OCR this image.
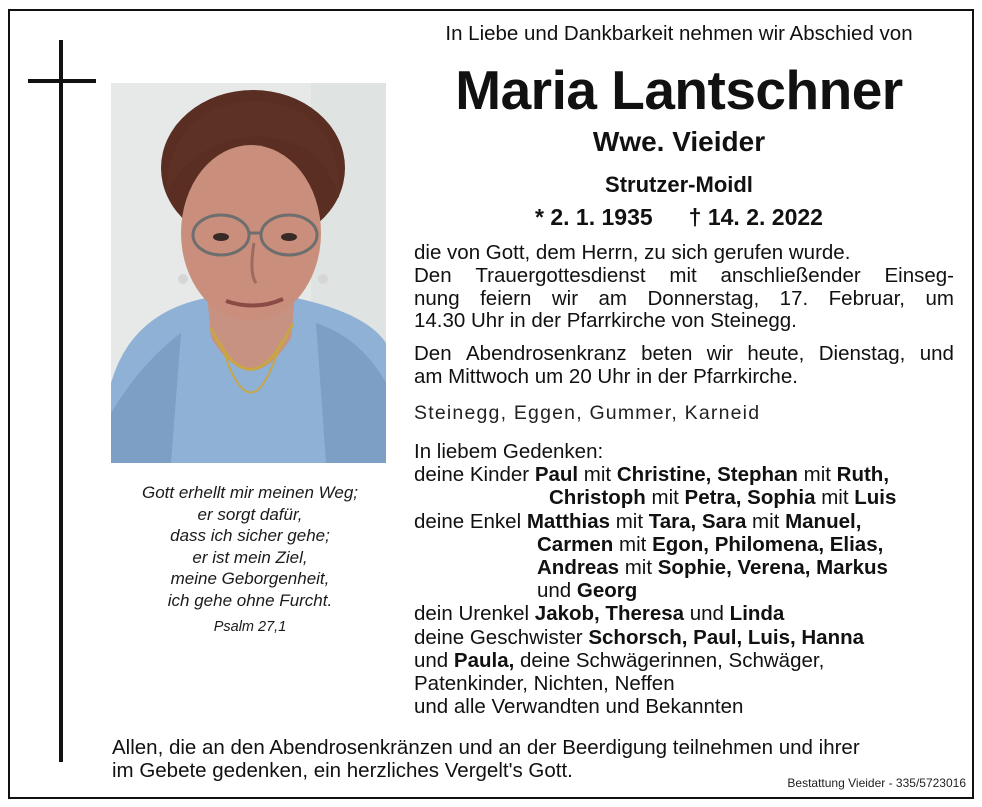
Gott erhellt mir meinen Weg;
er sorgt dafür,
dass ich sicher gehe;
er ist mein Ziel,
meine Geborgenheit,
ich gehe ohne Furcht.
Psalm 27,1
In Liebe und Dankbarkeit nehmen wir Abschied von
Maria Lantschner
Wwe. Vieider
Strutzer-Moidl
* 2. 1. 1935 † 14. 2. 2022
die von Gott, dem Herrn, zu sich gerufen wurde.
Den Trauergottesdienst mit anschließender Einseg-
nung feiern wir am Donnerstag, 17. Februar, um
14.30 Uhr in der Pfarrkirche von Steinegg.
Den Abendrosenkranz beten wir heute, Dienstag, und
am Mittwoch um 20 Uhr in der Pfarrkirche.
Steinegg, Eggen, Gummer, Karneid
In liebem Gedenken:
deine Kinder Paul mit Christine, Stephan mit Ruth,
Christoph mit Petra, Sophia mit Luis
deine Enkel Matthias mit Tara, Sara mit Manuel,
Carmen mit Egon, Philomena, Elias,
Andreas mit Sophie, Verena, Markus
und Georg
dein Urenkel Jakob, Theresa und Linda
deine Geschwister Schorsch, Paul, Luis, Hanna
und Paula, deine Schwägerinnen, Schwäger,
Patenkinder, Nichten, Neffen
und alle Verwandten und Bekannten
Allen, die an den Abendrosenkränzen und an der Beerdigung teilnehmen und ihrer
im Gebete gedenken, ein herzliches Vergelt's Gott.
Bestattung Vieider - 335/5723016
